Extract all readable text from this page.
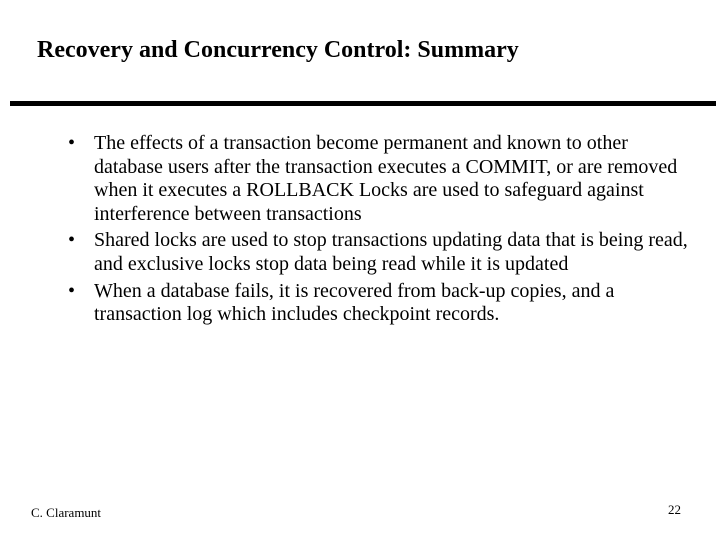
Recovery and Concurrency Control: Summary
• The effects of a transaction become permanent and known to other database users after the transaction executes a COMMIT, or are removed when it executes a ROLLBACK Locks are used to safeguard against interference between transactions
• Shared locks are used to stop transactions updating data that is being read, and exclusive locks stop data being read while it is updated
• When a database fails, it is recovered from back-up copies, and a transaction log which includes checkpoint records.
C. Claramunt	22
